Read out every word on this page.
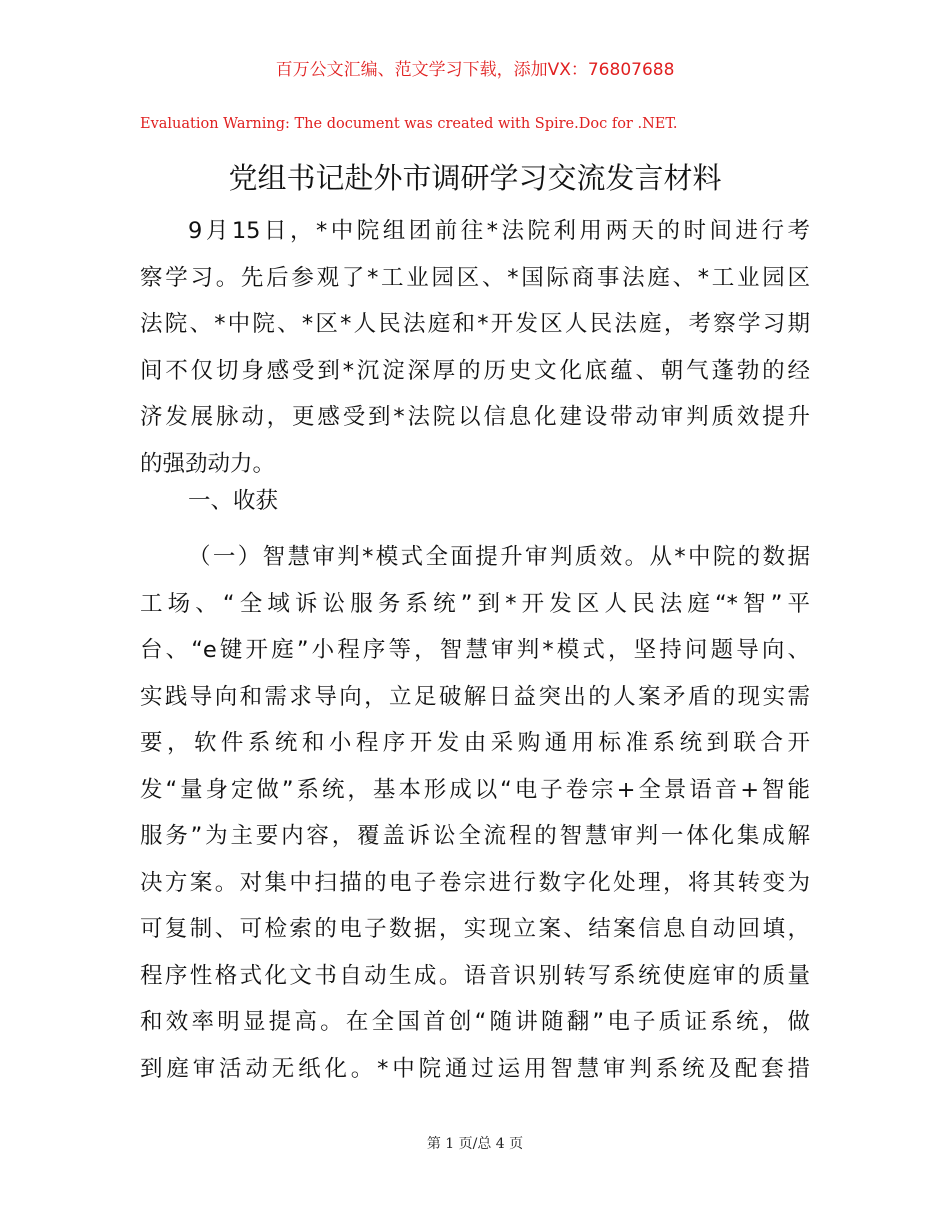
百万公文汇编、范文学习下载，添加VX：76807688
Evaluation Warning: The document was created with Spire.Doc for .NET.
党组书记赴外市调研学习交流发言材料
9月15日，*中院组团前往*法院利用两天的时间进行考
察学习。先后参观了*工业园区、*国际商事法庭、*工业园区
法院、*中院、*区*人民法庭和*开发区人民法庭，考察学习期
间不仅切身感受到*沉淀深厚的历史文化底蕴、朝气蓬勃的经
济发展脉动，更感受到*法院以信息化建设带动审判质效提升
的强劲动力。
一、收获
（一）智慧审判*模式全面提升审判质效。从*中院的数据
工场、“全域诉讼服务系统”到*开发区人民法庭“*智”平
台、“e键开庭”小程序等，智慧审判*模式，坚持问题导向、
实践导向和需求导向，立足破解日益突出的人案矛盾的现实需
要，软件系统和小程序开发由采购通用标准系统到联合开
发“量身定做”系统，基本形成以“电子卷宗+全景语音+智能
服务”为主要内容，覆盖诉讼全流程的智慧审判一体化集成解
决方案。对集中扫描的电子卷宗进行数字化处理，将其转变为
可复制、可检索的电子数据，实现立案、结案信息自动回填，
程序性格式化文书自动生成。语音识别转写系统使庭审的质量
和效率明显提高。在全国首创“随讲随翻”电子质证系统，做
到庭审活动无纸化。*中院通过运用智慧审判系统及配套措
第 1 页/总 4 页
